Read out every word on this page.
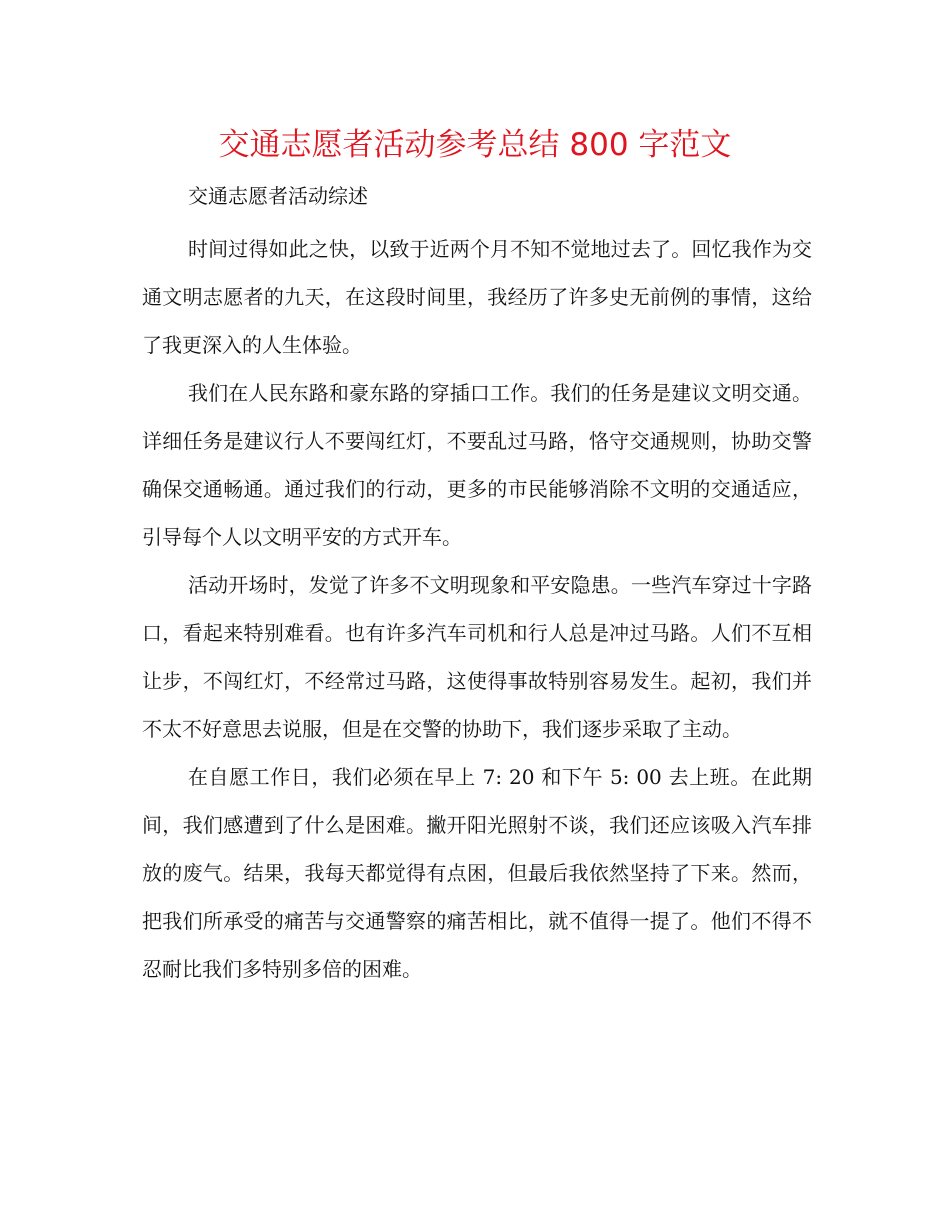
交通志愿者活动参考总结 800 字范文

交通志愿者活动综述

时间过得如此之快，以致于近两个月不知不觉地过去了。回忆我作为交通文明志愿者的九天，在这段时间里，我经历了许多史无前例的事情，这给了我更深入的人生体验。

我们在人民东路和豪东路的穿插口工作。我们的任务是建议文明交通。详细任务是建议行人不要闯红灯，不要乱过马路，恪守交通规则，协助交警确保交通畅通。通过我们的行动，更多的市民能够消除不文明的交通适应，引导每个人以文明平安的方式开车。

活动开场时，发觉了许多不文明现象和平安隐患。一些汽车穿过十字路口，看起来特别难看。也有许多汽车司机和行人总是冲过马路。人们不互相让步，不闯红灯，不经常过马路，这使得事故特别容易发生。起初，我们并不太不好意思去说服，但是在交警的协助下，我们逐步采取了主动。

在自愿工作日，我们必须在早上 7: 20 和下午 5: 00 去上班。在此期间，我们感遭到了什么是困难。撇开阳光照射不谈，我们还应该吸入汽车排放的废气。结果，我每天都觉得有点困，但最后我依然坚持了下来。然而，把我们所承受的痛苦与交通警察的痛苦相比，就不值得一提了。他们不得不忍耐比我们多特别多倍的困难。
